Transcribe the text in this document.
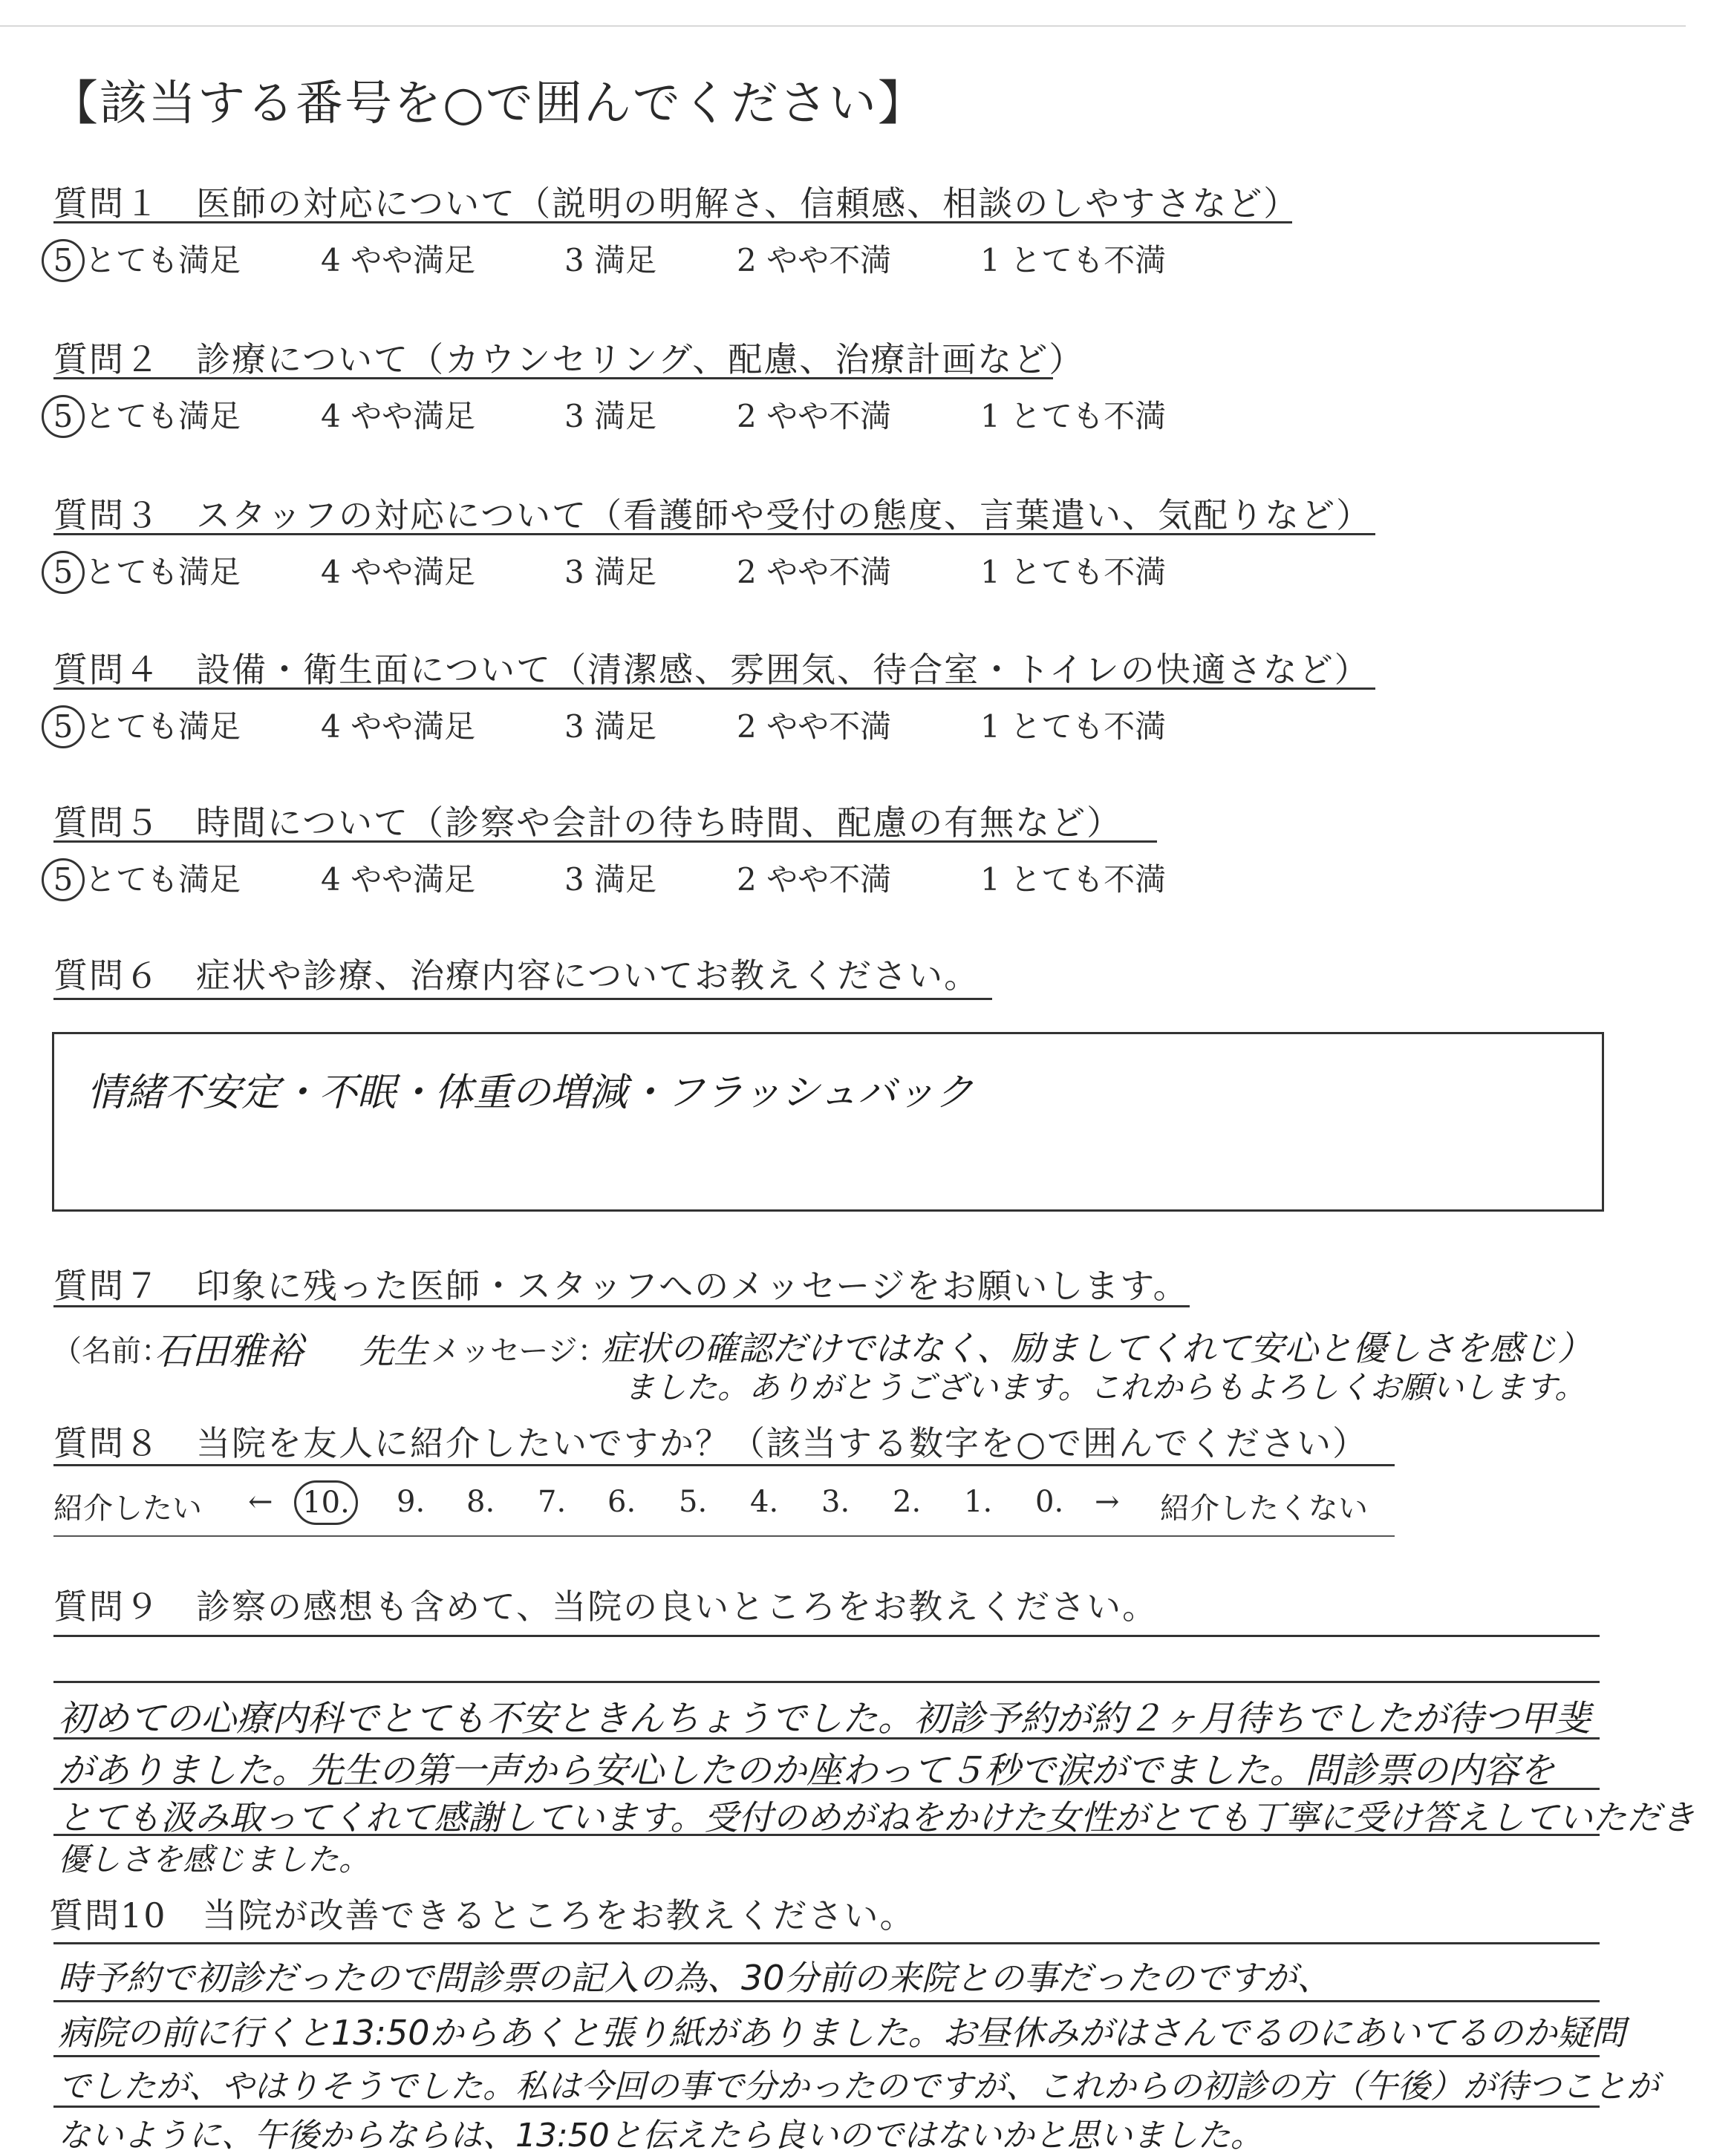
【該当する番号を○で囲んでください】
質問１　 医師の対応について（説明の明解さ、信頼感、相談のしやすさなど）
5 とても満足	4 やや満足	3 満足	2 やや不満	1 とても不満
質問２　 診療について（カウンセリング、配慮、治療計画など）
5 とても満足	4 やや満足	3 満足	2 やや不満	1 とても不満
質問３　 スタッフの対応について（看護師や受付の態度、言葉遣い、気配りなど）
5 とても満足	4 やや満足	3 満足	2 やや不満	1 とても不満
質問４　 設備・衛生面について（清潔感、雰囲気、待合室・トイレの快適さなど）
5 とても満足	4 やや満足	3 満足	2 やや不満	1 とても不満
質問５　 時間について（診察や会計の待ち時間、配慮の有無など）
5 とても満足	4 やや満足	3 満足	2 やや不満	1 とても不満
質問６　 症状や診療、治療内容についてお教えください。
情緒不安定・不眠・体重の増減・フラッシュバック
質問７　 印象に残った医師・スタッフへのメッセージをお願いします。
（名前：
石田雅裕 先生 メッセージ：
症状の確認だけではなく、励ましてくれて安心と優しさを感じ）
ました。ありがとうございます。これからもよろしくお願いします。
質問８　 当院を友人に紹介したいですか？（該当する数字を○で囲んでください）
紹介したい ← 10. 9. 8. 7. 6. 5. 4. 3. 2. 1. 0. → 紹介したくない
質問９　 診察の感想も含めて、当院の良いところをお教えください。
初めての心療内科でとても不安ときんちょうでした。初診予約が約２ヶ月待ちでしたが待つ甲斐
がありました。先生の第一声から安心したのか座わって５秒で涙がでました。問診票の内容を
とても汲み取ってくれて感謝しています。受付のめがねをかけた女性がとても丁寧に受け答えしていただき
優しさを感じました。
質問10　 当院が改善できるところをお教えください。
時予約で初診だったので問診票の記入の為、30分前の来院との事だったのですが、
病院の前に行くと13:50からあくと張り紙がありました。お昼休みがはさんでるのにあいてるのか疑問
でしたが、やはりそうでした。私は今回の事で分かったのですが、これからの初診の方（午後）が待つことが
ないように、午後からならは、13:50と伝えたら良いのではないかと思いました。
